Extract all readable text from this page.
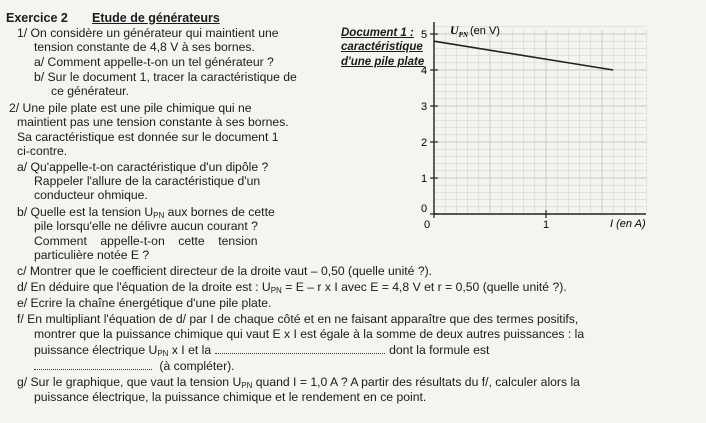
Exercice 2 Etude de générateurs
1/ On considère un générateur qui maintient une
tension constante de 4,8 V à ses bornes.
a/ Comment appelle-t-on un tel générateur ?
b/ Sur le document 1, tracer la caractéristique de
ce générateur.
2/ Une pile plate est une pile chimique qui ne
maintient pas une tension constante à ses bornes.
Sa caractéristique est donnée sur le document 1
ci-contre.
a/ Qu'appelle-t-on caractéristique d'un dipôle ?
Rappeler l'allure de la caractéristique d'un
conducteur ohmique.
b/ Quelle est la tension $U_{PN}$ aux bornes de cette
pile lorsqu'elle ne délivre aucun courant ?
Comment    appelle-t-on    cette    tension
particulière notée E ?
c/ Montrer que le coefficient directeur de la droite vaut – 0,50 (quelle unité ?).
d/ En déduire que l'équation de la droite est : $U_{PN} = E - r$ x I avec E = 4,8 V et r = 0,50 (quelle unité ?).
e/ Ecrire la chaîne énergétique d'une pile plate.
f/ En multipliant l'équation de d/ par I de chaque côté et en ne faisant apparaître que des termes positifs,
montrer que la puissance chimique qui vaut E x I est égale à la somme de deux autres puissances : la
puissance électrique $U_{PN}$ x I et la	dont la formule est
(à compléter).
g/ Sur le graphique, que vaut la tension $U_{PN}$ quand I = 1,0 A ? A partir des résultats du f/, calculer alors la
puissance électrique, la puissance chimique et le rendement en ce point.
Document 1 :
caractéristique
d'une pile plate
0
1
2
3
4
5
0	1
$U_{PN}$ (en V)
I (en A)
